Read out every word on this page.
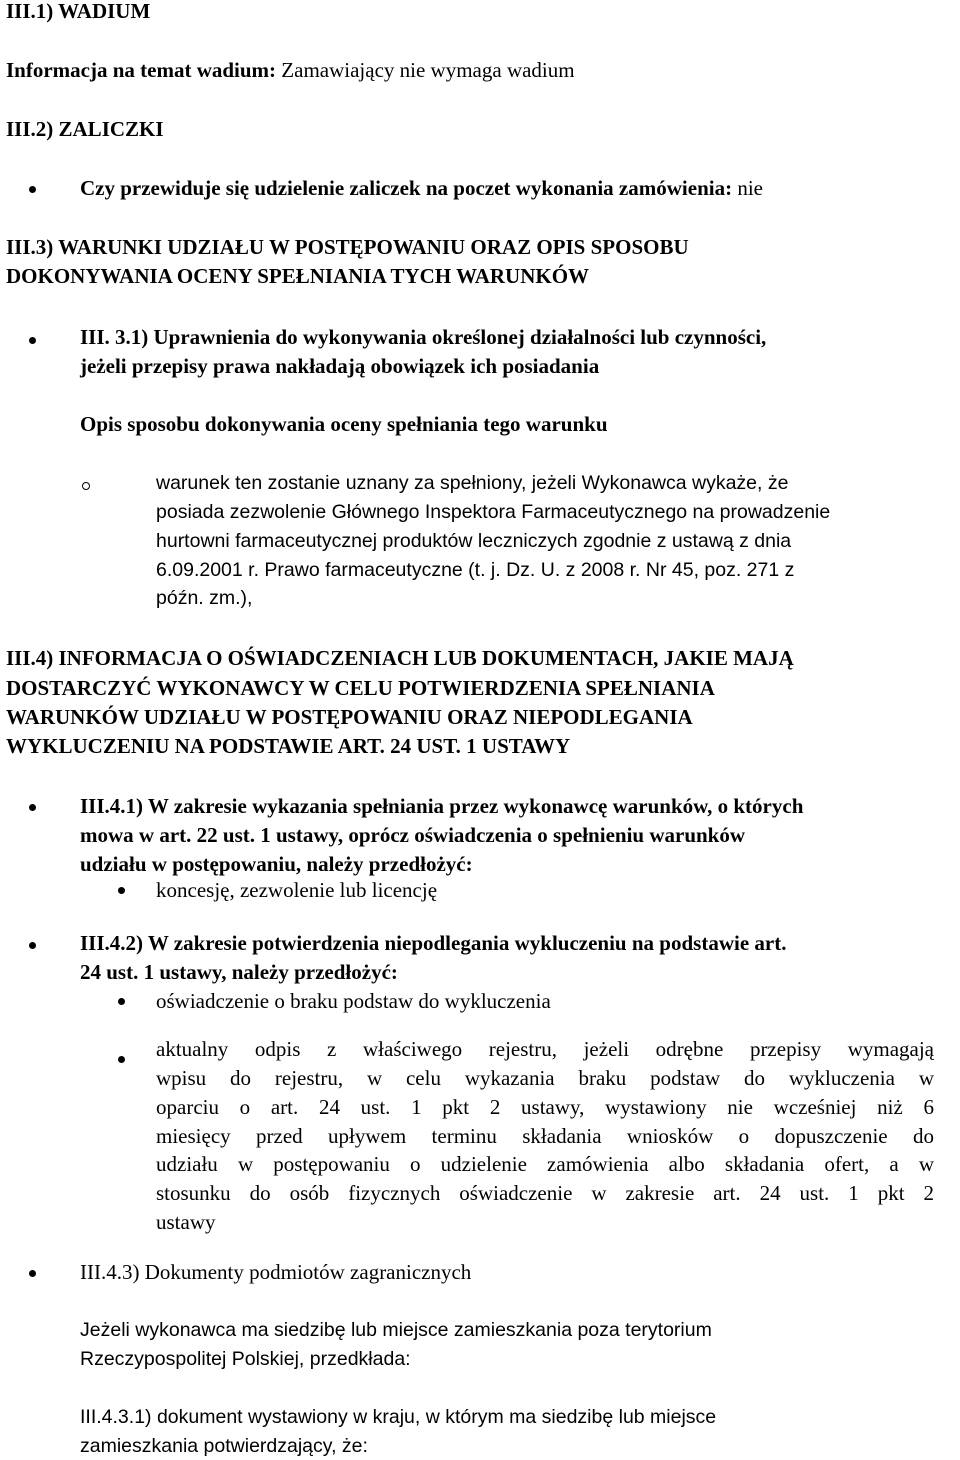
III.1) WADIUM
Informacja na temat wadium: Zamawiający nie wymaga wadium
III.2) ZALICZKI
Czy przewiduje się udzielenie zaliczek na poczet wykonania zamówienia: nie
III.3) WARUNKI UDZIAŁU W POSTĘPOWANIU ORAZ OPIS SPOSOBU
DOKONYWANIA OCENY SPEŁNIANIA TYCH WARUNKÓW
III. 3.1) Uprawnienia do wykonywania określonej działalności lub czynności,
jeżeli przepisy prawa nakładają obowiązek ich posiadania
Opis sposobu dokonywania oceny spełniania tego warunku
warunek ten zostanie uznany za spełniony, jeżeli Wykonawca wykaże, że
posiada zezwolenie Głównego Inspektora Farmaceutycznego na prowadzenie
hurtowni farmaceutycznej produktów leczniczych zgodnie z ustawą z dnia
6.09.2001 r. Prawo farmaceutyczne (t. j. Dz. U. z 2008 r. Nr 45, poz. 271 z
późn. zm.),
III.4) INFORMACJA O OŚWIADCZENIACH LUB DOKUMENTACH, JAKIE MAJĄ
DOSTARCZYĆ WYKONAWCY W CELU POTWIERDZENIA SPEŁNIANIA
WARUNKÓW UDZIAŁU W POSTĘPOWANIU ORAZ NIEPODLEGANIA
WYKLUCZENIU NA PODSTAWIE ART. 24 UST. 1 USTAWY
III.4.1) W zakresie wykazania spełniania przez wykonawcę warunków, o których
mowa w art. 22 ust. 1 ustawy, oprócz oświadczenia o spełnieniu warunków
udziału w postępowaniu, należy przedłożyć:
koncesję, zezwolenie lub licencję
III.4.2) W zakresie potwierdzenia niepodlegania wykluczeniu na podstawie art.
24 ust. 1 ustawy, należy przedłożyć:
oświadczenie o braku podstaw do wykluczenia
aktualny odpis z właściwego rejestru, jeżeli odrębne przepisy wymagają
wpisu do rejestru, w celu wykazania braku podstaw do wykluczenia w
oparciu o art. 24 ust. 1 pkt 2 ustawy, wystawiony nie wcześniej niż 6
miesięcy przed upływem terminu składania wniosków o dopuszczenie do
udziału w postępowaniu o udzielenie zamówienia albo składania ofert, a w
stosunku do osób fizycznych oświadczenie w zakresie art. 24 ust. 1 pkt 2
ustawy
III.4.3) Dokumenty podmiotów zagranicznych
Jeżeli wykonawca ma siedzibę lub miejsce zamieszkania poza terytorium
Rzeczypospolitej Polskiej, przedkłada:
III.4.3.1) dokument wystawiony w kraju, w którym ma siedzibę lub miejsce
zamieszkania potwierdzający, że:
